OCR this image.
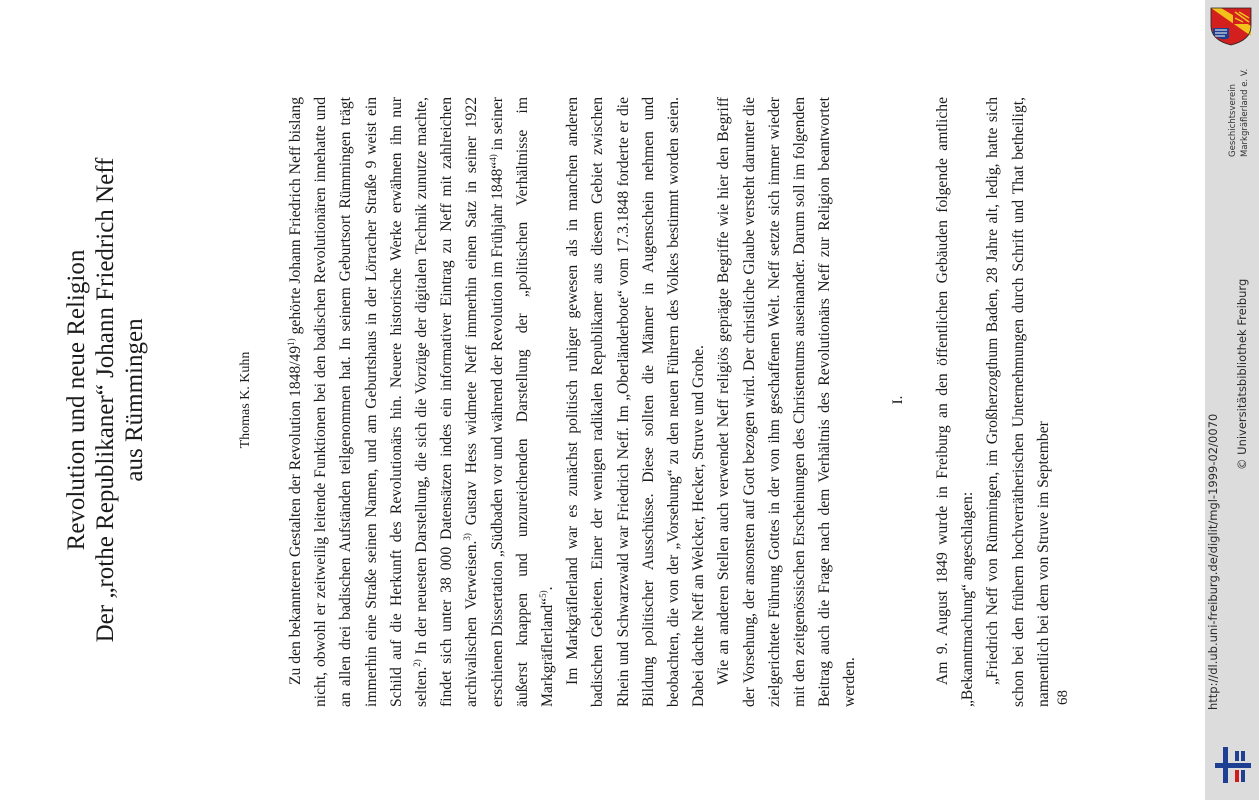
Revolution und neue Religion Der „rothe Republikaner“ Johann Friedrich Neff aus Rümmingen	Thomas K. Kuhn Zu den bekannteren Gestalten der Revolution 1848/49$^{1)}$ gehörte Johann Friedrich Neff bislang nicht, obwohl er zeitweilig leitende Funktionen bei den badischen Revolutionären innehatte und an allen drei badischen Aufständen teilgenommen hat. In seinem Geburtsort Rümmingen trägt immerhin eine Straße seinen Namen, und am Geburtshaus in der Lörracher Straße 9 weist ein Schild auf die Herkunft des Revolutionärs hin. Neuere historische Werke erwähnen ihn nur selten.$^{2)}$ In der neuesten Darstellung, die sich die Vorzüge der digitalen Technik zunutze machte, findet sich unter 38 000 Datensätzen indes ein informativer Eintrag zu Neff mit zahlreichen archivalischen Verweisen.$^{3)}$ Gustav Hess widmete Neff immerhin einen Satz in seiner 1922 erschienen Dissertation „Südbaden vor und während der Revolution im Frühjahr 1848“$^{4)}$ in seiner äußerst knappen und unzureichenden Darstellung der „politischen Verhältnisse im Markgräflerland“$^{5)}$. Im Markgräflerland war es zunächst politisch ruhiger gewesen als in manchen anderen badischen Gebieten. Einer der wenigen radikalen Republikaner aus diesem Gebiet zwischen Rhein und Schwarzwald war Friedrich Neff. Im „Oberländerbote“ vom 17.3.1848 forderte er die Bildung politischer Ausschüsse. Diese sollten die Männer in Augenschein nehmen und beobachten, die von der „Vorsehung“ zu den neuen Führern des Volkes bestimmt worden seien. Dabei dachte Neff an Welcker, Hecker, Struve und Grohe. Wie an anderen Stellen auch verwendet Neff religiös geprägte Begriffe wie hier den Begriff der Vorsehung, der ansonsten auf Gott bezogen wird. Der christliche Glaube versteht darunter die zielgerichtete Führung Gottes in der von ihm geschaffenen Welt. Neff setzte sich immer wieder mit den zeitgenössischen Erscheinungen des Christentums auseinander. Darum soll im folgenden Beitrag auch die Frage nach dem Verhältnis des Revolutionärs Neff zur Religion beantwortet werden.

I. Am 9. August 1849 wurde in Freiburg an den öffentlichen Gebäuden folgende amtliche „Bekanntmachung“ angeschlagen: „Friedrich Neff von Rümmingen, im Großherzogthum Baden, 28 Jahre alt, ledig, hatte sich schon bei den frühern hochverrätherischen Unternehmungen durch Schrift und That betheiligt, namentlich bei dem von Struve im September 68	http://dl.ub.uni-freiburg.de/diglit/mgl-1999-02/0070
© Universitätsbibliothek Freiburg
Geschichtsverein Markgräflerland e. V.
